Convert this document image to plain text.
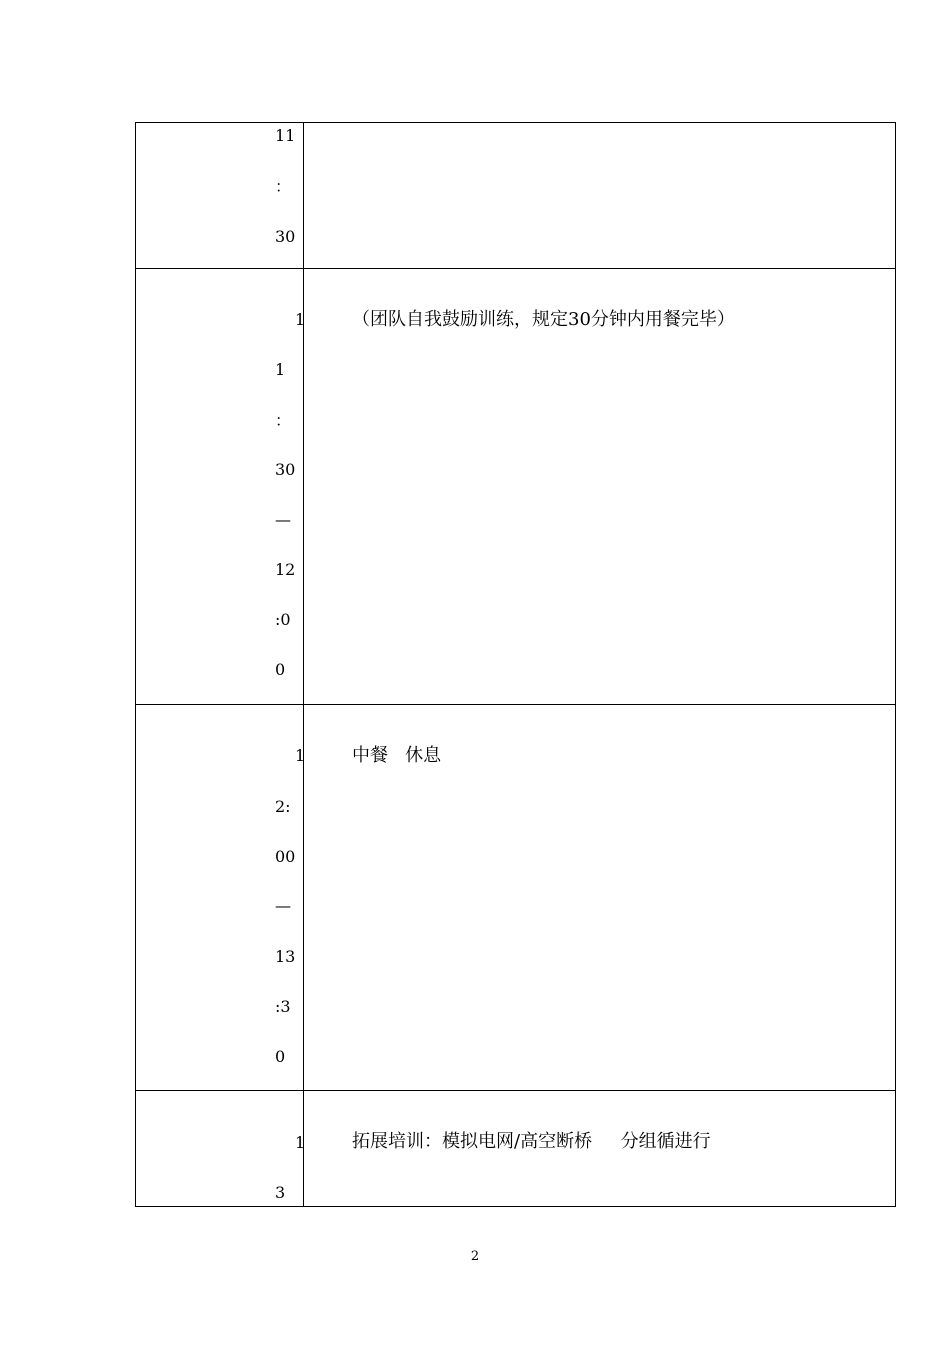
11
：
30
1
1
：
30
—
12
:0
0
（团队自我鼓励训练，规定30分钟内用餐完毕）
1
2:
00
—
13
:3
0
中餐   休息
1
3
拓展培训：模拟电网/高空断桥     分组循进行
2
